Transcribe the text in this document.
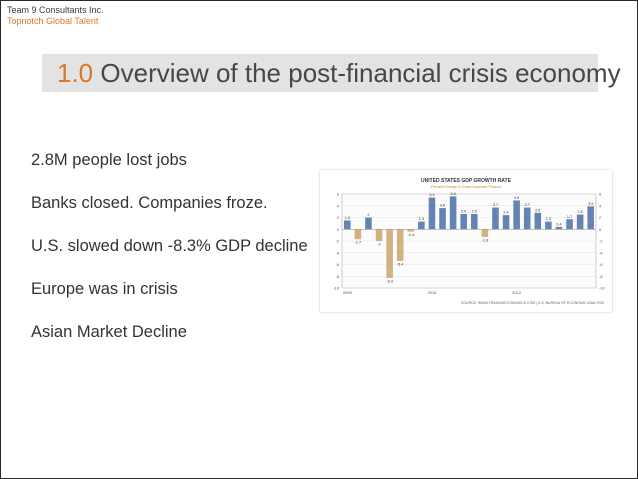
Team 9 Consultants Inc.
Topnotch Global Talent
1.0 Overview of the post-financial crisis economy
2.8M people lost jobs
Banks closed. Companies froze.
U.S. slowed down -8.3% GDP decline
Europe was in crisis
Asian Market Decline
UNITED STATES GDP GROWTH RATE
Percent Change in Gross Domestic Product
SOURCE: WWW.TRADINGECONOMICS.COM | U.S. BUREAU OF ECONOMIC ANALYSIS
6	6
4	4
2	2
0	0
-2	-2
-4	-4
-6	-6
-8	-8
-10	-10
1.5
-1.7
2
-2
-8.3
-5.4
-0.4
1.3
5.4
3.6
5.6
2.6 2.6
-1.3
3.7
2.4
4.9
3.7
2.8
1.3
0.4
1.7
2.5
3.9
2008	2010	2012
